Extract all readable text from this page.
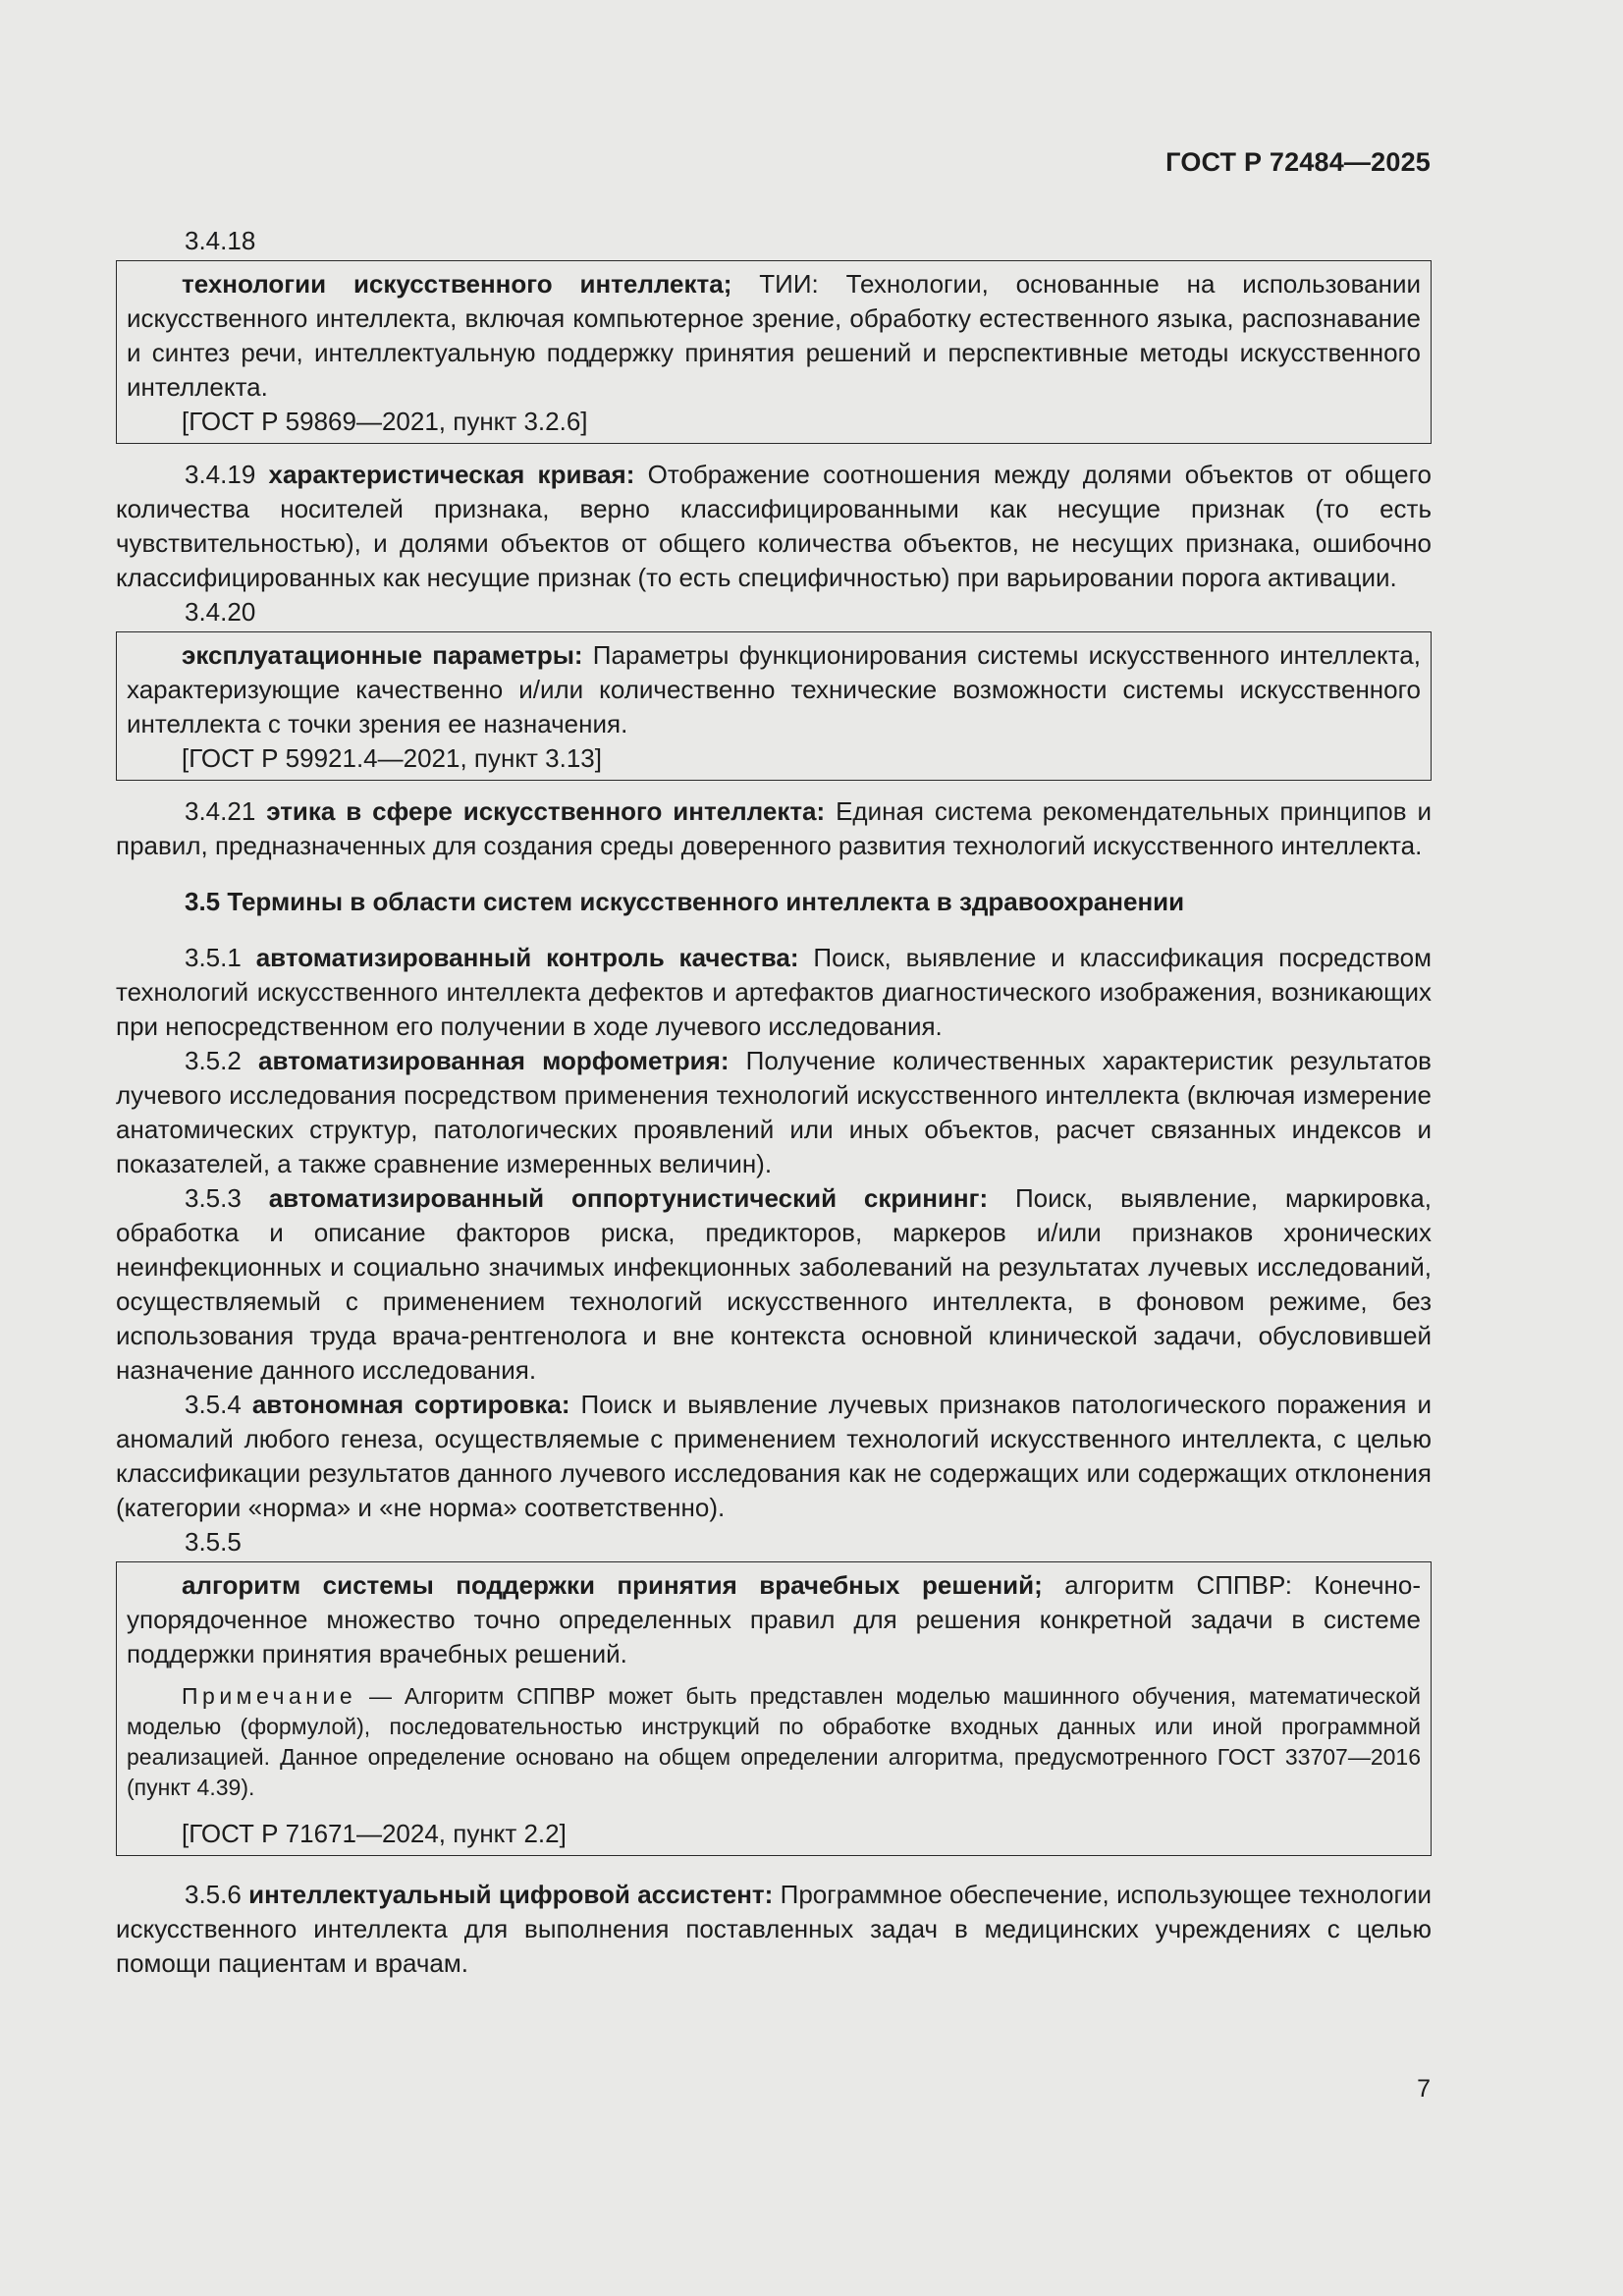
ГОСТ Р 72484—2025

3.4.18

технологии искусственного интеллекта; ТИИ: Технологии, основанные на использовании искусственного интеллекта, включая компьютерное зрение, обработку естественного языка, распознавание и синтез речи, интеллектуальную поддержку принятия решений и перспективные методы искусственного интеллекта.

[ГОСТ Р 59869—2021, пункт 3.2.6]

3.4.19 характеристическая кривая: Отображение соотношения между долями объектов от общего количества носителей признака, верно классифицированными как несущие признак (то есть чувствительностью), и долями объектов от общего количества объектов, не несущих признака, ошибочно классифицированных как несущие признак (то есть специфичностью) при варьировании порога активации.

3.4.20

эксплуатационные параметры: Параметры функционирования системы искусственного интеллекта, характеризующие качественно и/или количественно технические возможности системы искусственного интеллекта с точки зрения ее назначения.

[ГОСТ Р 59921.4—2021, пункт 3.13]

3.4.21 этика в сфере искусственного интеллекта: Единая система рекомендательных принципов и правил, предназначенных для создания среды доверенного развития технологий искусственного интеллекта.

3.5 Термины в области систем искусственного интеллекта в здравоохранении

3.5.1 автоматизированный контроль качества: Поиск, выявление и классификация посредством технологий искусственного интеллекта дефектов и артефактов диагностического изображения, возникающих при непосредственном его получении в ходе лучевого исследования.

3.5.2 автоматизированная морфометрия: Получение количественных характеристик результатов лучевого исследования посредством применения технологий искусственного интеллекта (включая измерение анатомических структур, патологических проявлений или иных объектов, расчет связанных индексов и показателей, а также сравнение измеренных величин).

3.5.3 автоматизированный оппортунистический скрининг: Поиск, выявление, маркировка, обработка и описание факторов риска, предикторов, маркеров и/или признаков хронических неинфекционных и социально значимых инфекционных заболеваний на результатах лучевых исследований, осуществляемый с применением технологий искусственного интеллекта, в фоновом режиме, без использования труда врача-рентгенолога и вне контекста основной клинической задачи, обусловившей назначение данного исследования.

3.5.4 автономная сортировка: Поиск и выявление лучевых признаков патологического поражения и аномалий любого генеза, осуществляемые с применением технологий искусственного интеллекта, с целью классификации результатов данного лучевого исследования как не содержащих или содержащих отклонения (категории «норма» и «не норма» соответственно).

3.5.5

алгоритм системы поддержки принятия врачебных решений; алгоритм СППВР: Конечно-упорядоченное множество точно определенных правил для решения конкретной задачи в системе поддержки принятия врачебных решений.

Примечание — Алгоритм СППВР может быть представлен моделью машинного обучения, математической моделью (формулой), последовательностью инструкций по обработке входных данных или иной программной реализацией. Данное определение основано на общем определении алгоритма, предусмотренного ГОСТ 33707—2016 (пункт 4.39).

[ГОСТ Р 71671—2024, пункт 2.2]

3.5.6 интеллектуальный цифровой ассистент: Программное обеспечение, использующее технологии искусственного интеллекта для выполнения поставленных задач в медицинских учреждениях с целью помощи пациентам и врачам.

7
